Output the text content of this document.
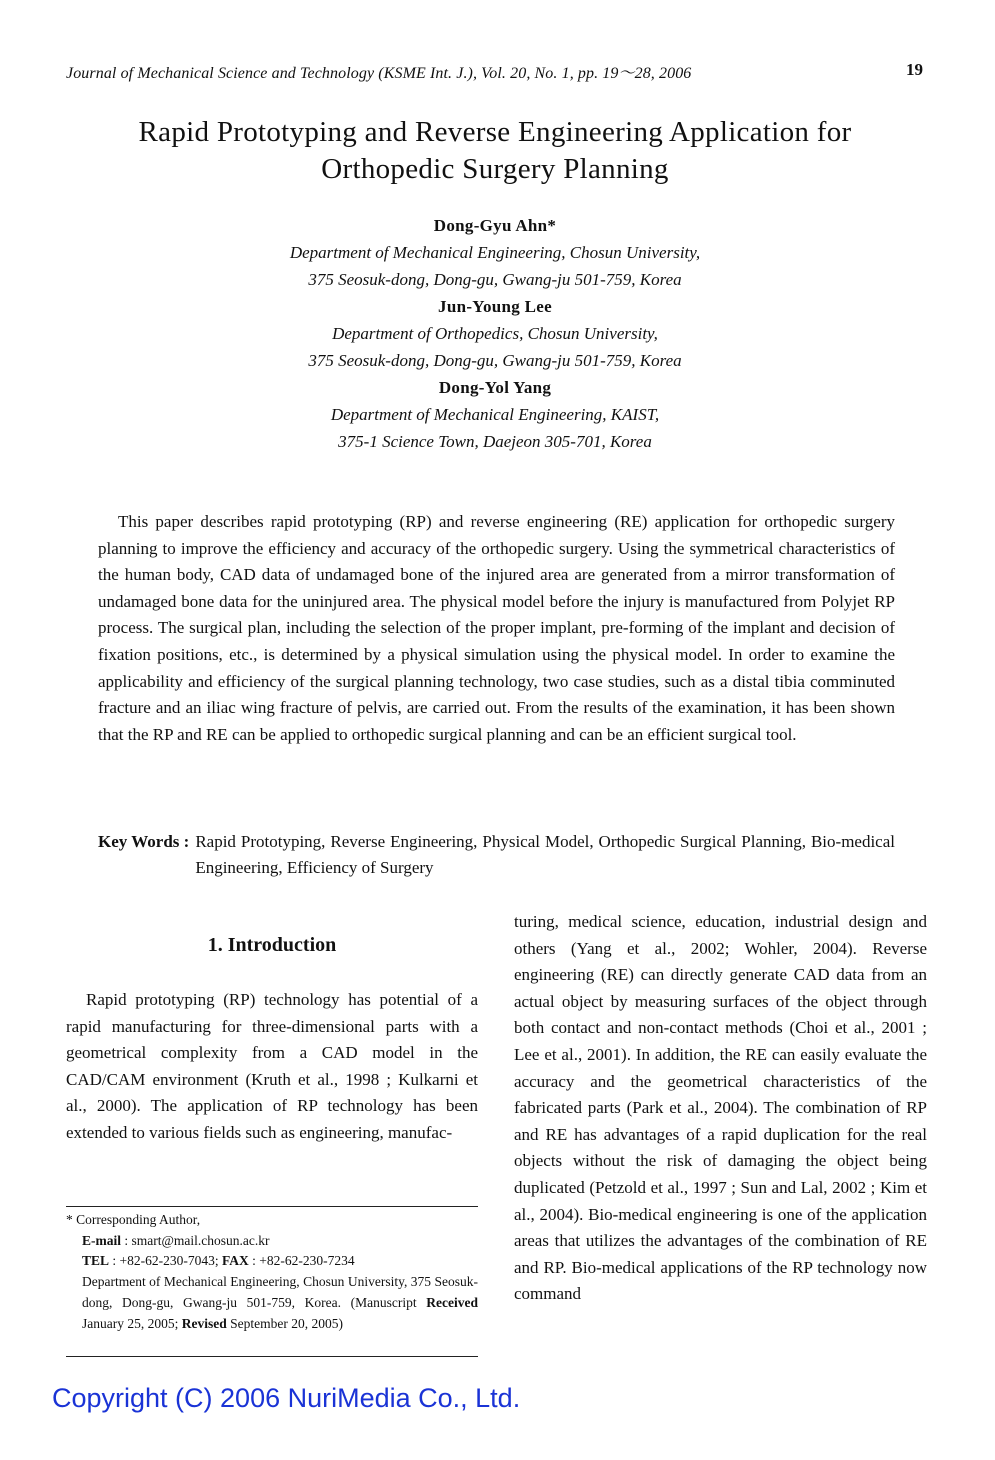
Journal of Mechanical Science and Technology (KSME Int. J.), Vol. 20, No. 1, pp. 19～28, 2006	19
Rapid Prototyping and Reverse Engineering Application for
Orthopedic Surgery Planning
Dong-Gyu Ahn*
Department of Mechanical Engineering, Chosun University,
375 Seosuk-dong, Dong-gu, Gwang-ju 501-759, Korea
Jun-Young Lee
Department of Orthopedics, Chosun University,
375 Seosuk-dong, Dong-gu, Gwang-ju 501-759, Korea
Dong-Yol Yang
Department of Mechanical Engineering, KAIST,
375-1 Science Town, Daejeon 305-701, Korea

This paper describes rapid prototyping (RP) and reverse engineering (RE) application for orthopedic surgery planning to improve the efficiency and accuracy of the orthopedic surgery. Using the symmetrical characteristics of the human body, CAD data of undamaged bone of the injured area are generated from a mirror transformation of undamaged bone data for the uninjured area. The physical model before the injury is manufactured from Polyjet RP process. The surgical plan, including the selection of the proper implant, pre-forming of the implant and decision of fixation positions, etc., is determined by a physical simulation using the physical model. In order to examine the applicability and efficiency of the surgical planning technology, two case studies, such as a distal tibia comminuted fracture and an iliac wing fracture of pelvis, are carried out. From the results of the examination, it has been shown that the RP and RE can be applied to orthopedic surgical planning and can be an efficient surgical tool.

Key Words : Rapid Prototyping, Reverse Engineering, Physical Model, Orthopedic Surgical Planning, Bio-medical Engineering, Efficiency of Surgery
1. Introduction

Rapid prototyping (RP) technology has potential of a rapid manufacturing for three-dimensional parts with a geometrical complexity from a CAD model in the CAD/CAM environment (Kruth et al., 1998 ; Kulkarni et al., 2000). The application of RP technology has been extended to various fields such as engineering, manufac-

turing, medical science, education, industrial design and others (Yang et al., 2002; Wohler, 2004). Reverse engineering (RE) can directly generate CAD data from an actual object by measuring surfaces of the object through both contact and non-contact methods (Choi et al., 2001 ; Lee et al., 2001). In addition, the RE can easily evaluate the accuracy and the geometrical characteristics of the fabricated parts (Park et al., 2004). The combination of RP and RE has advantages of a rapid duplication for the real objects without the risk of damaging the object being duplicated (Petzold et al., 1997 ; Sun and Lal, 2002 ; Kim et al., 2004). Bio-medical engineering is one of the application areas that utilizes the advantages of the combination of RE and RP. Bio-medical applications of the RP technology now command

* Corresponding Author,
E-mail : smart@mail.chosun.ac.kr
TEL : +82-62-230-7043; FAX : +82-62-230-7234
Department of Mechanical Engineering, Chosun University, 375 Seosuk-dong, Dong-gu, Gwang-ju 501-759, Korea. (Manuscript Received January 25, 2005; Revised September 20, 2005)
Copyright (C) 2006 NuriMedia Co., Ltd.
